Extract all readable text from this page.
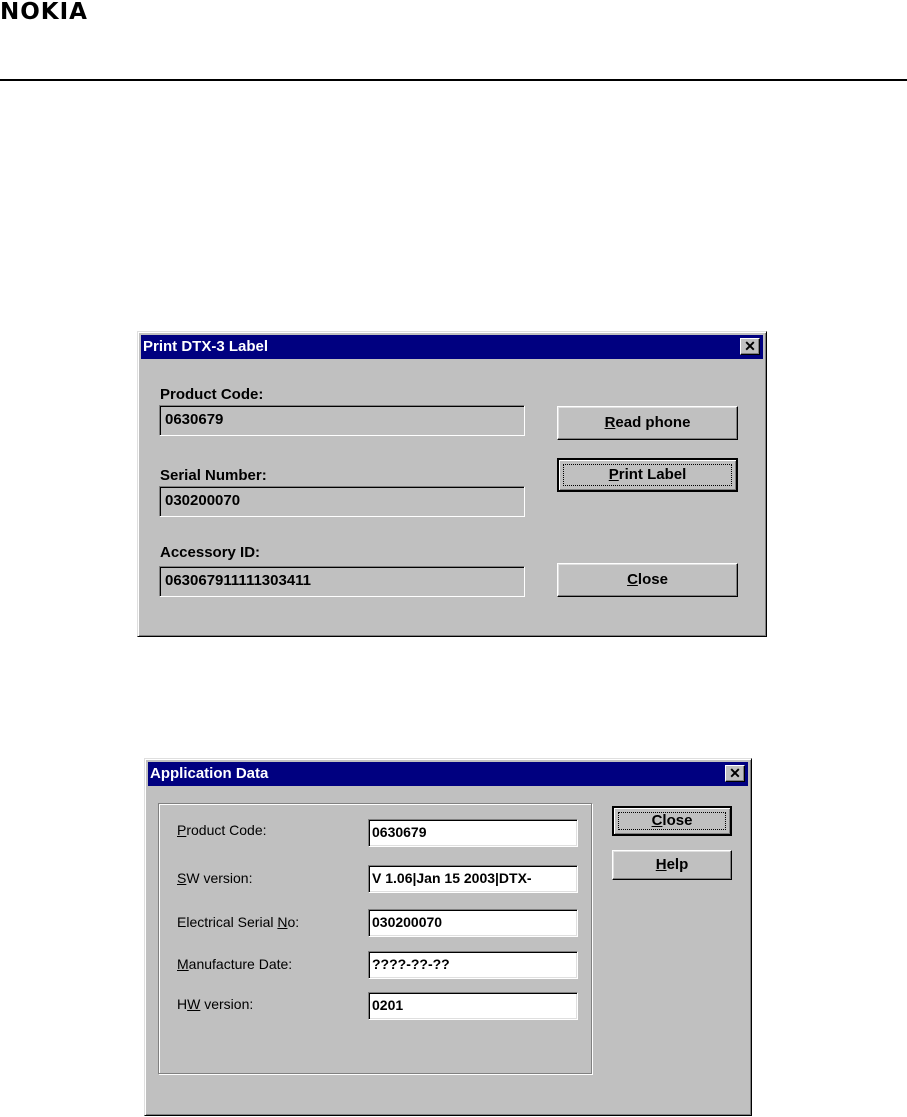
NOKIA
Print DTX-3 Label	✕
Product Code:
0630679
Serial Number:
030200070
Accessory ID:
063067911111303411
Read phone
Print Label
Close
Application Data	✕
Product Code:	0630679
SW version:	V 1.06|Jan 15 2003|DTX-
Electrical Serial No:	030200070
Manufacture Date:	????-??-??
HW version:	0201
Close
Help
